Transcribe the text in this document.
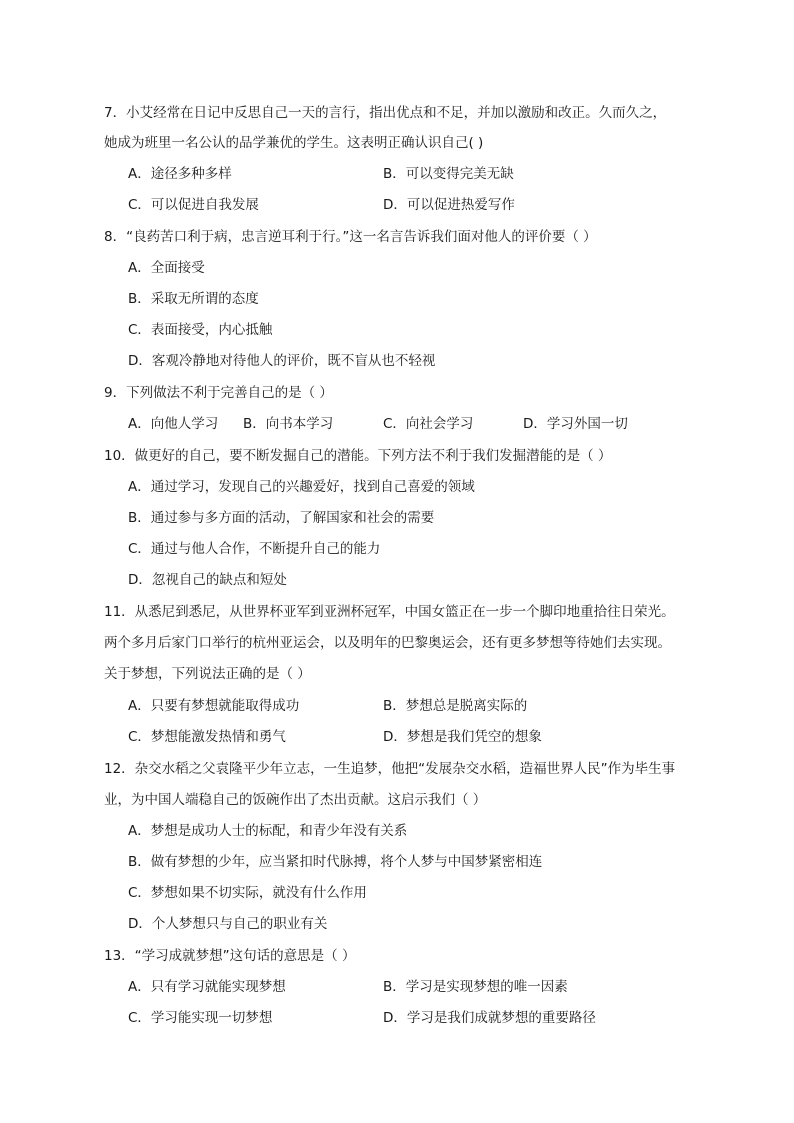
7．小艾经常在日记中反思自己一天的言行，指出优点和不足，并加以激励和改正。久而久之，
她成为班里一名公认的品学兼优的学生。这表明正确认识自己( )
A．途径多种多样	B．可以变得完美无缺
C．可以促进自我发展	D．可以促进热爱写作
8．“良药苦口利于病，忠言逆耳利于行。”这一名言告诉我们面对他人的评价要（ ）
A．全面接受
B．采取无所谓的态度
C．表面接受，内心抵触
D．客观冷静地对待他人的评价，既不盲从也不轻视
9．下列做法不利于完善自己的是（ ）
A．向他人学习 B．向书本学习	C．向社会学习	D．学习外国一切
10．做更好的自己，要不断发掘自己的潜能。下列方法不利于我们发掘潜能的是（ ）
A．通过学习，发现自己的兴趣爱好，找到自己喜爱的领域
B．通过参与多方面的活动，了解国家和社会的需要
C．通过与他人合作，不断提升自己的能力
D．忽视自己的缺点和短处
11．从悉尼到悉尼，从世界杯亚军到亚洲杯冠军，中国女篮正在一步一个脚印地重拾往日荣光。
两个多月后家门口举行的杭州亚运会，以及明年的巴黎奥运会，还有更多梦想等待她们去实现。
关于梦想，下列说法正确的是（ ）
A．只要有梦想就能取得成功	B．梦想总是脱离实际的
C．梦想能激发热情和勇气	D．梦想是我们凭空的想象
12．杂交水稻之父袁隆平少年立志，一生追梦，他把“发展杂交水稻，造福世界人民”作为毕生事
业，为中国人端稳自己的饭碗作出了杰出贡献。这启示我们（ ）
A．梦想是成功人士的标配，和青少年没有关系
B．做有梦想的少年，应当紧扣时代脉搏，将个人梦与中国梦紧密相连
C．梦想如果不切实际，就没有什么作用
D．个人梦想只与自己的职业有关
13．“学习成就梦想”这句话的意思是（ ）
A．只有学习就能实现梦想	B．学习是实现梦想的唯一因素
C．学习能实现一切梦想	D．学习是我们成就梦想的重要路径
